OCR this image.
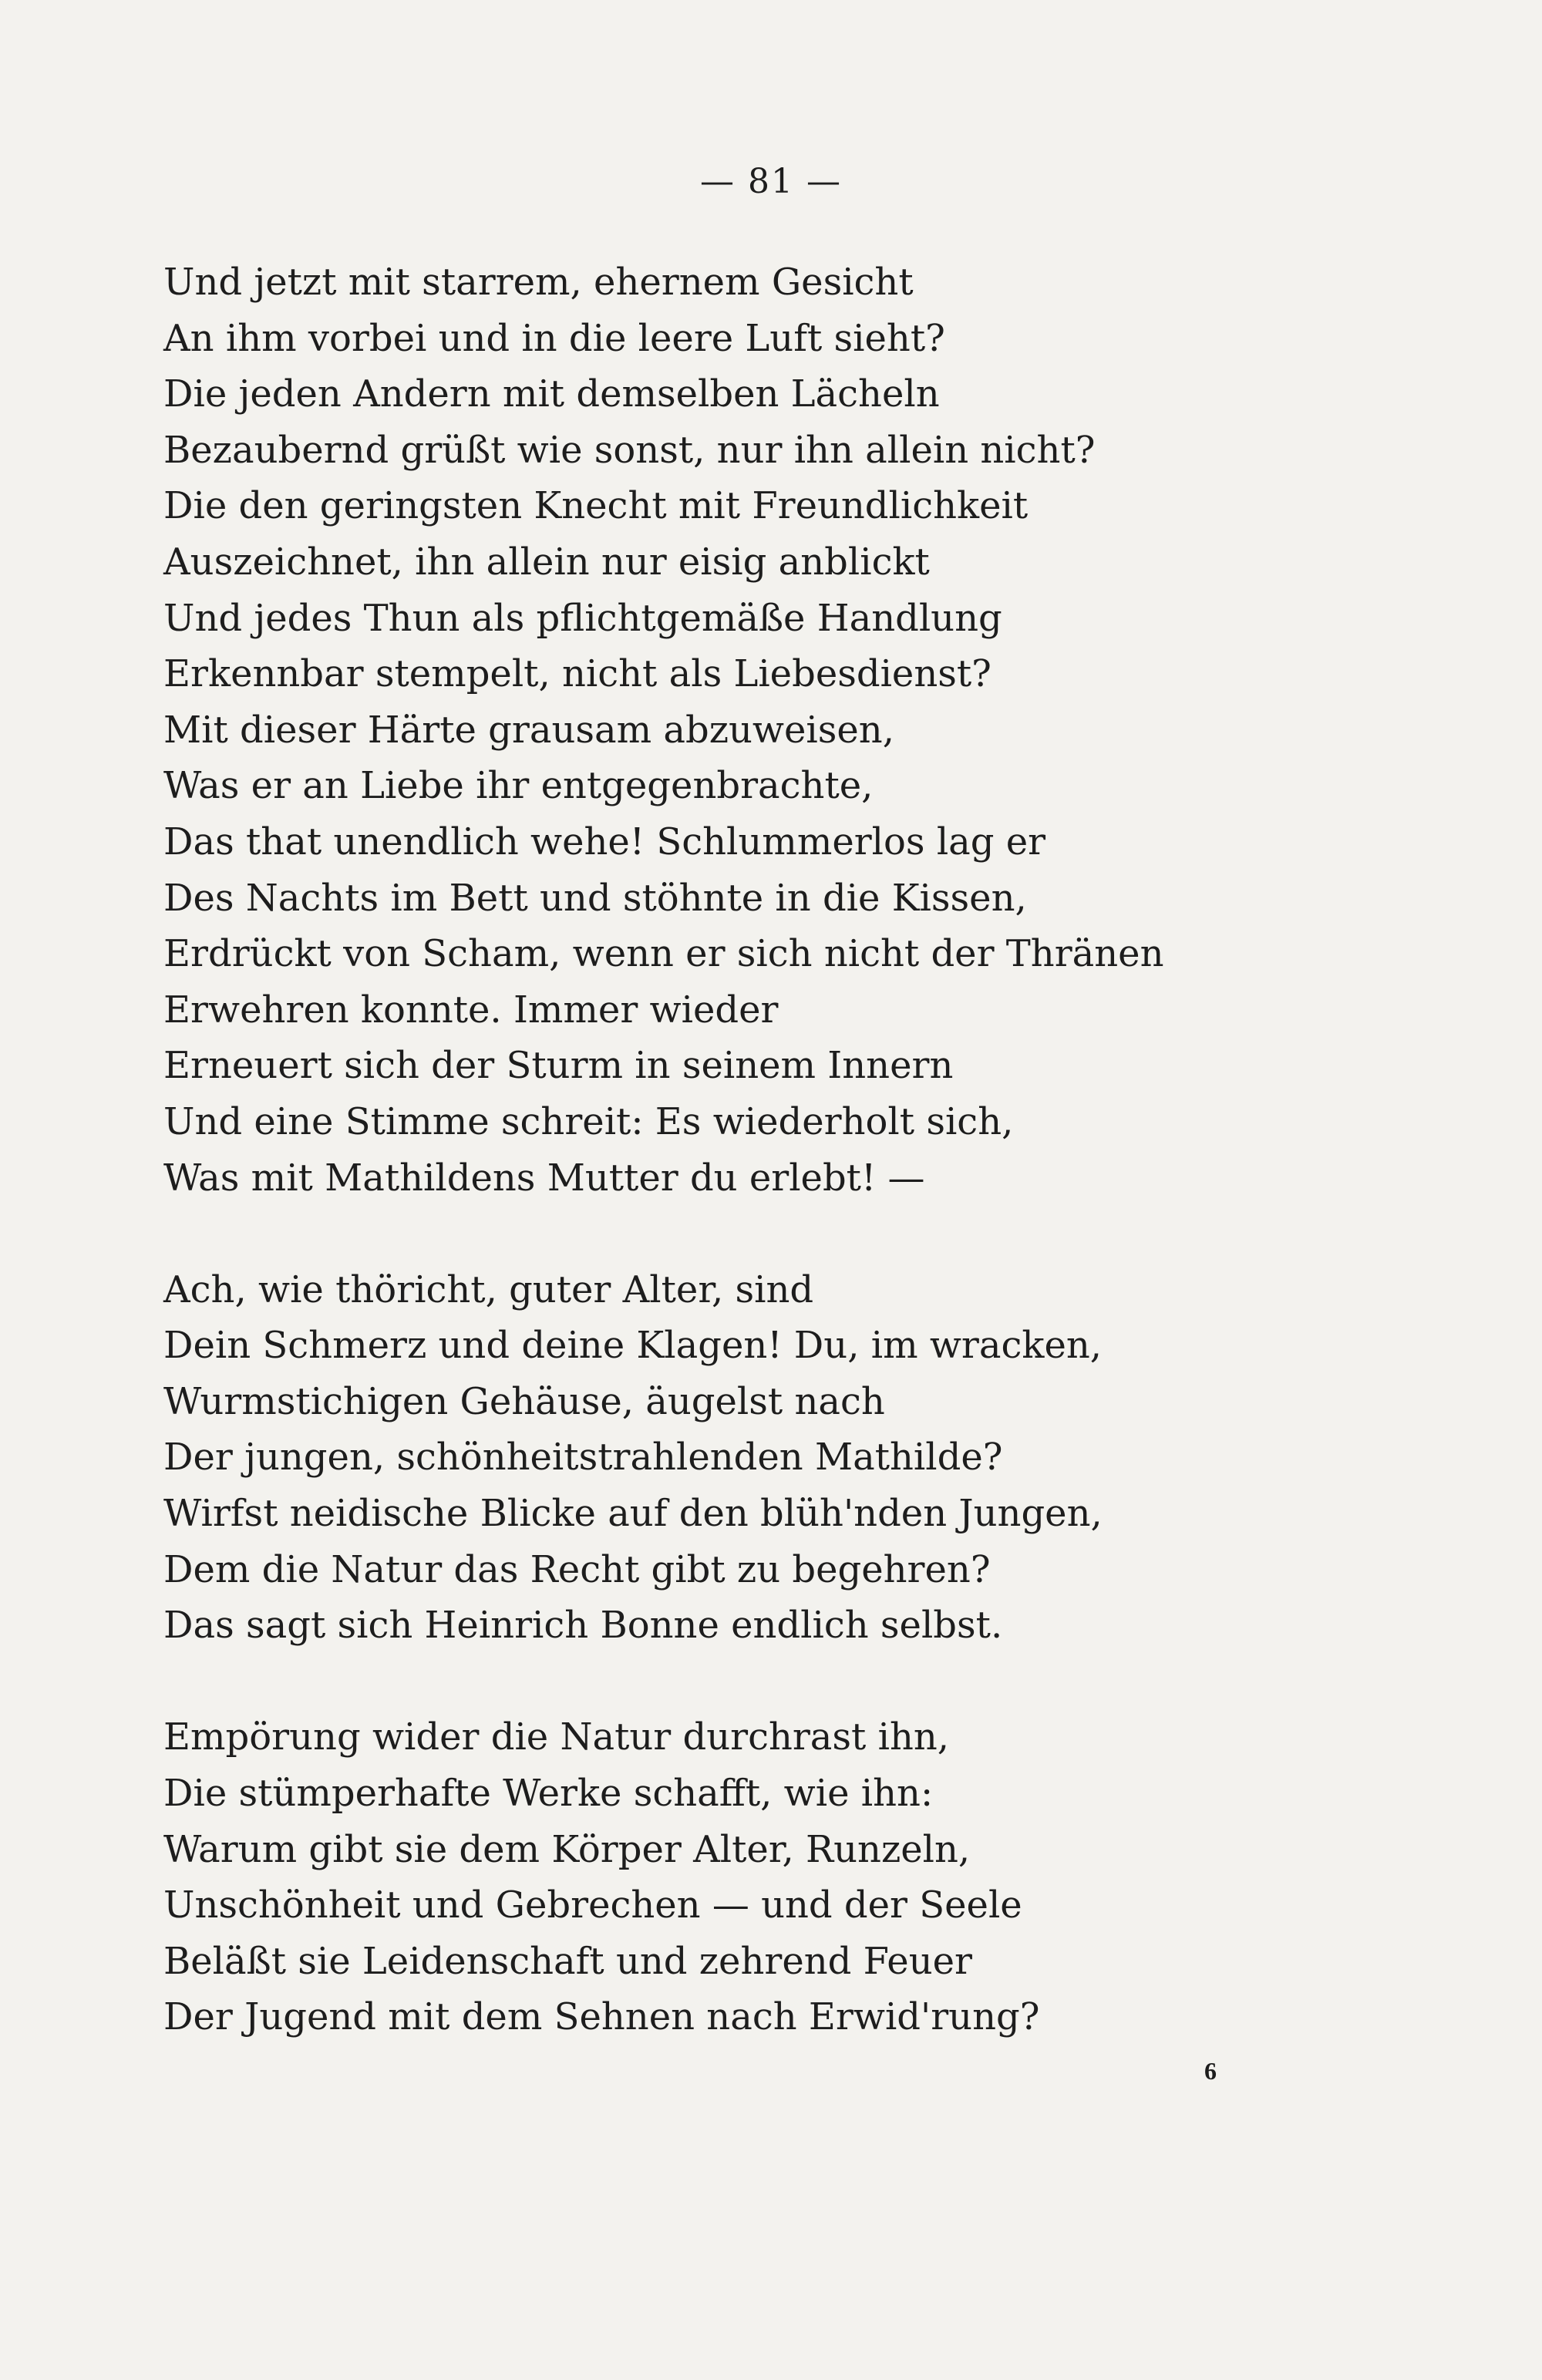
— 81 —
Und jetzt mit starrem, ehernem Gesicht
An ihm vorbei und in die leere Luft sieht?
Die jeden Andern mit demselben Lächeln
Bezaubernd grüßt wie sonst, nur ihn allein nicht?
Die den geringsten Knecht mit Freundlichkeit
Auszeichnet, ihn allein nur eisig anblickt
Und jedes Thun als pflichtgemäße Handlung
Erkennbar stempelt, nicht als Liebesdienst?
Mit dieser Härte grausam abzuweisen,
Was er an Liebe ihr entgegenbrachte,
Das that unendlich wehe! Schlummerlos lag er
Des Nachts im Bett und stöhnte in die Kissen,
Erdrückt von Scham, wenn er sich nicht der Thränen
Erwehren konnte. Immer wieder
Erneuert sich der Sturm in seinem Innern
Und eine Stimme schreit: Es wiederholt sich,
Was mit Mathildens Mutter du erlebt! —
Ach, wie thöricht, guter Alter, sind
Dein Schmerz und deine Klagen! Du, im wracken,
Wurmstichigen Gehäuse, äugelst nach
Der jungen, schönheitstrahlenden Mathilde?
Wirfst neidische Blicke auf den blüh'nden Jungen,
Dem die Natur das Recht gibt zu begehren?
Das sagt sich Heinrich Bonne endlich selbst.
Empörung wider die Natur durchrast ihn,
Die stümperhafte Werke schafft, wie ihn:
Warum gibt sie dem Körper Alter, Runzeln,
Unschönheit und Gebrechen — und der Seele
Beläßt sie Leidenschaft und zehrend Feuer
Der Jugend mit dem Sehnen nach Erwid'rung?
6
